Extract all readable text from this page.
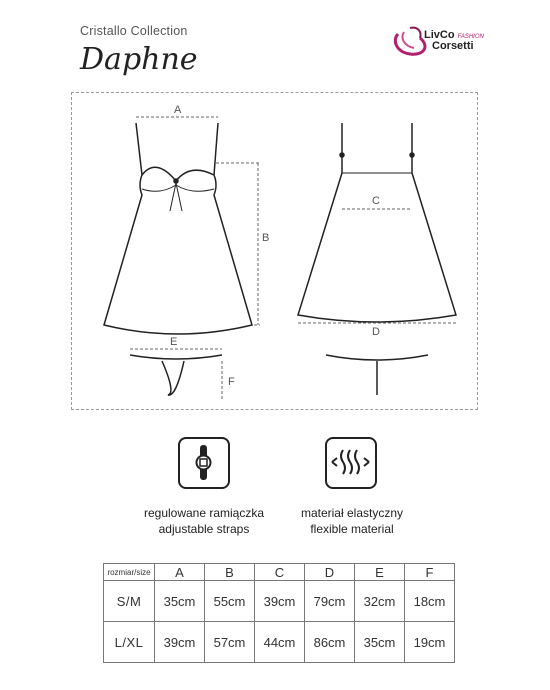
Cristallo Collection
Daphne
LivCo FASHION
Corsetti
A
B
E
F
C
D
regulowane ramiączka
adjustable straps
materiał elastyczny
flexible material
rozmiar/size	A	B	C	D	E	F
S/M	35cm	55cm	39cm	79cm	32cm	18cm
L/XL	39cm	57cm	44cm	86cm	35cm	19cm
